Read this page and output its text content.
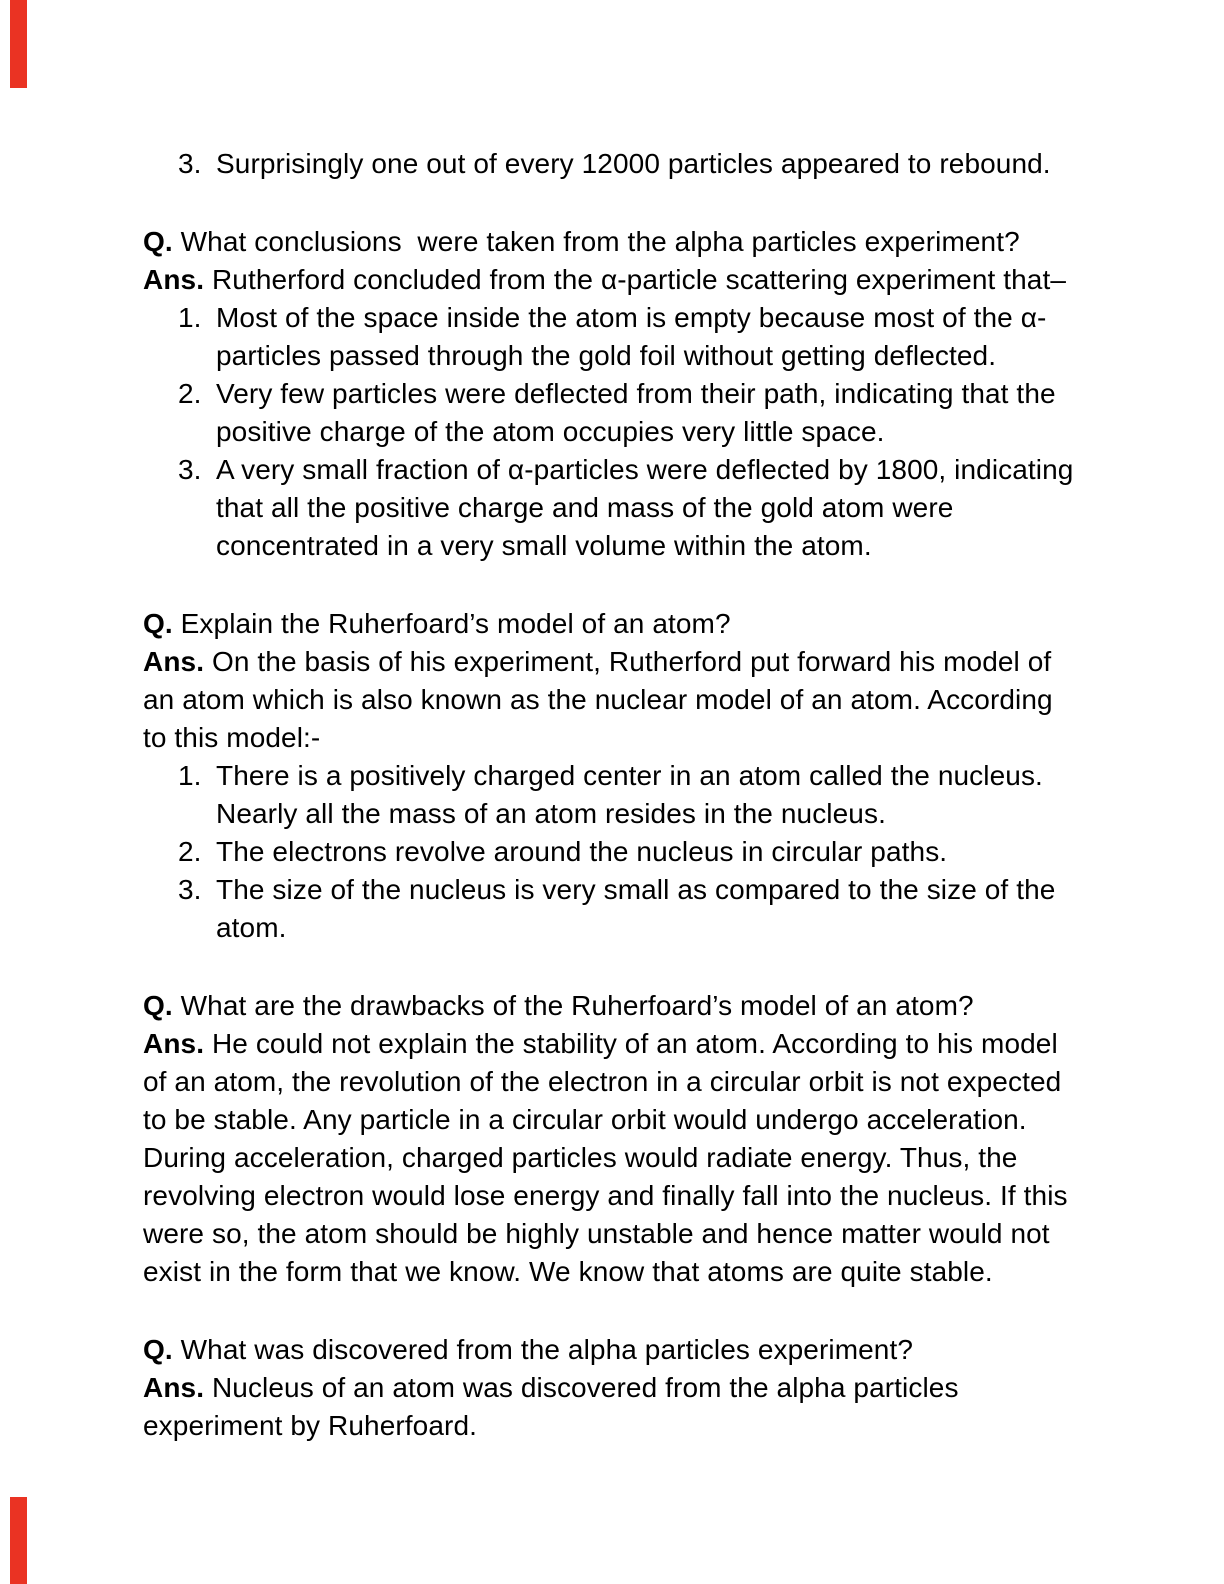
3. Surprisingly one out of every 12000 particles appeared to rebound.

Q. What conclusions  were taken from the alpha particles experiment?

Ans. Rutherford concluded from the α-particle scattering experiment that–

1. Most of the space inside the atom is empty because most of the α-particles passed through the gold foil without getting deflected.
2. Very few particles were deflected from their path, indicating that the positive charge of the atom occupies very little space.
3. A very small fraction of α-particles were deflected by 1800, indicating that all the positive charge and mass of the gold atom were concentrated in a very small volume within the atom.

Q. Explain the Ruherfoard’s model of an atom?

Ans. On the basis of his experiment, Rutherford put forward his model of an atom which is also known as the nuclear model of an atom. According to this model:-

1. There is a positively charged center in an atom called the nucleus. Nearly all the mass of an atom resides in the nucleus.
2. The electrons revolve around the nucleus in circular paths.
3. The size of the nucleus is very small as compared to the size of the atom.

Q. What are the drawbacks of the Ruherfoard’s model of an atom?

Ans. He could not explain the stability of an atom. According to his model of an atom, the revolution of the electron in a circular orbit is not expected to be stable. Any particle in a circular orbit would undergo acceleration. During acceleration, charged particles would radiate energy. Thus, the revolving electron would lose energy and finally fall into the nucleus. If this were so, the atom should be highly unstable and hence matter would not exist in the form that we know. We know that atoms are quite stable.

Q. What was discovered from the alpha particles experiment?

Ans. Nucleus of an atom was discovered from the alpha particles experiment by Ruherfoard.
